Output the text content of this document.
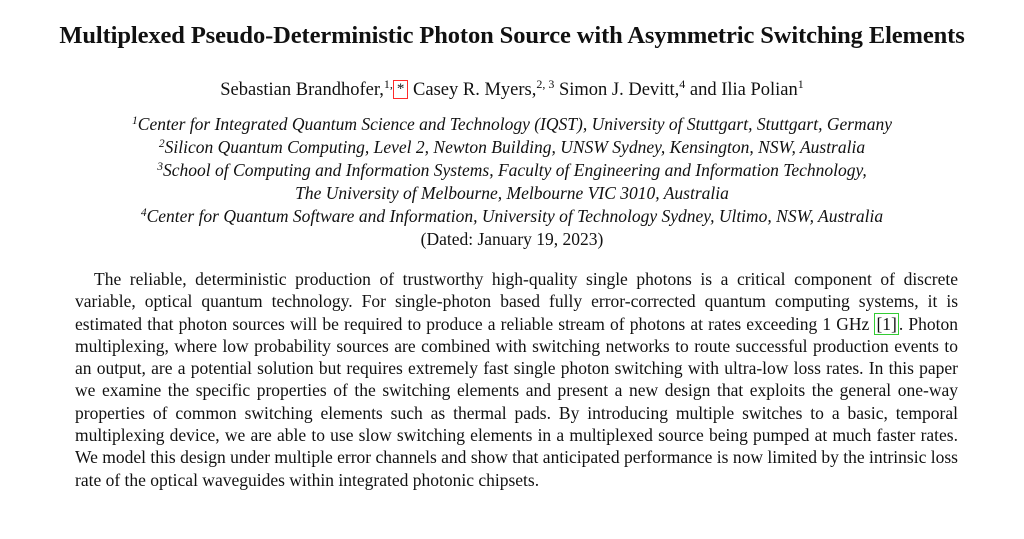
Multiplexed Pseudo-Deterministic Photon Source with Asymmetric Switching Elements
Sebastian Brandhofer,$^{1,}$ * Casey R. Myers,$^{2, 3}$ Simon J. Devitt,$^4$ and Ilia Polian$^1$
$^1$Center for Integrated Quantum Science and Technology (IQST), University of Stuttgart, Stuttgart, Germany
$^2$Silicon Quantum Computing, Level 2, Newton Building, UNSW Sydney, Kensington, NSW, Australia
$^3$School of Computing and Information Systems, Faculty of Engineering and Information Technology,
The University of Melbourne, Melbourne VIC 3010, Australia
$^4$Center for Quantum Software and Information, University of Technology Sydney, Ultimo, NSW, Australia
(Dated: January 19, 2023)

The reliable, deterministic production of trustworthy high-quality single photons is a critical component of discrete variable, optical quantum technology. For single-photon based fully error-corrected quantum computing systems, it is estimated that photon sources will be required to produce a reliable stream of photons at rates exceeding 1 GHz [1] . Photon multiplexing, where low probability sources are combined with switching networks to route successful production events to an output, are a potential solution but requires extremely fast single photon switching with ultra-low loss rates. In this paper we examine the specific properties of the switching elements and present a new design that exploits the general one-way properties of common switching elements such as thermal pads. By introducing multiple switches to a basic, temporal multiplexing device, we are able to use slow switching elements in a multiplexed source being pumped at much faster rates. We model this design under multiple error channels and show that anticipated performance is now limited by the intrinsic loss rate of the optical waveguides within integrated photonic chipsets.
